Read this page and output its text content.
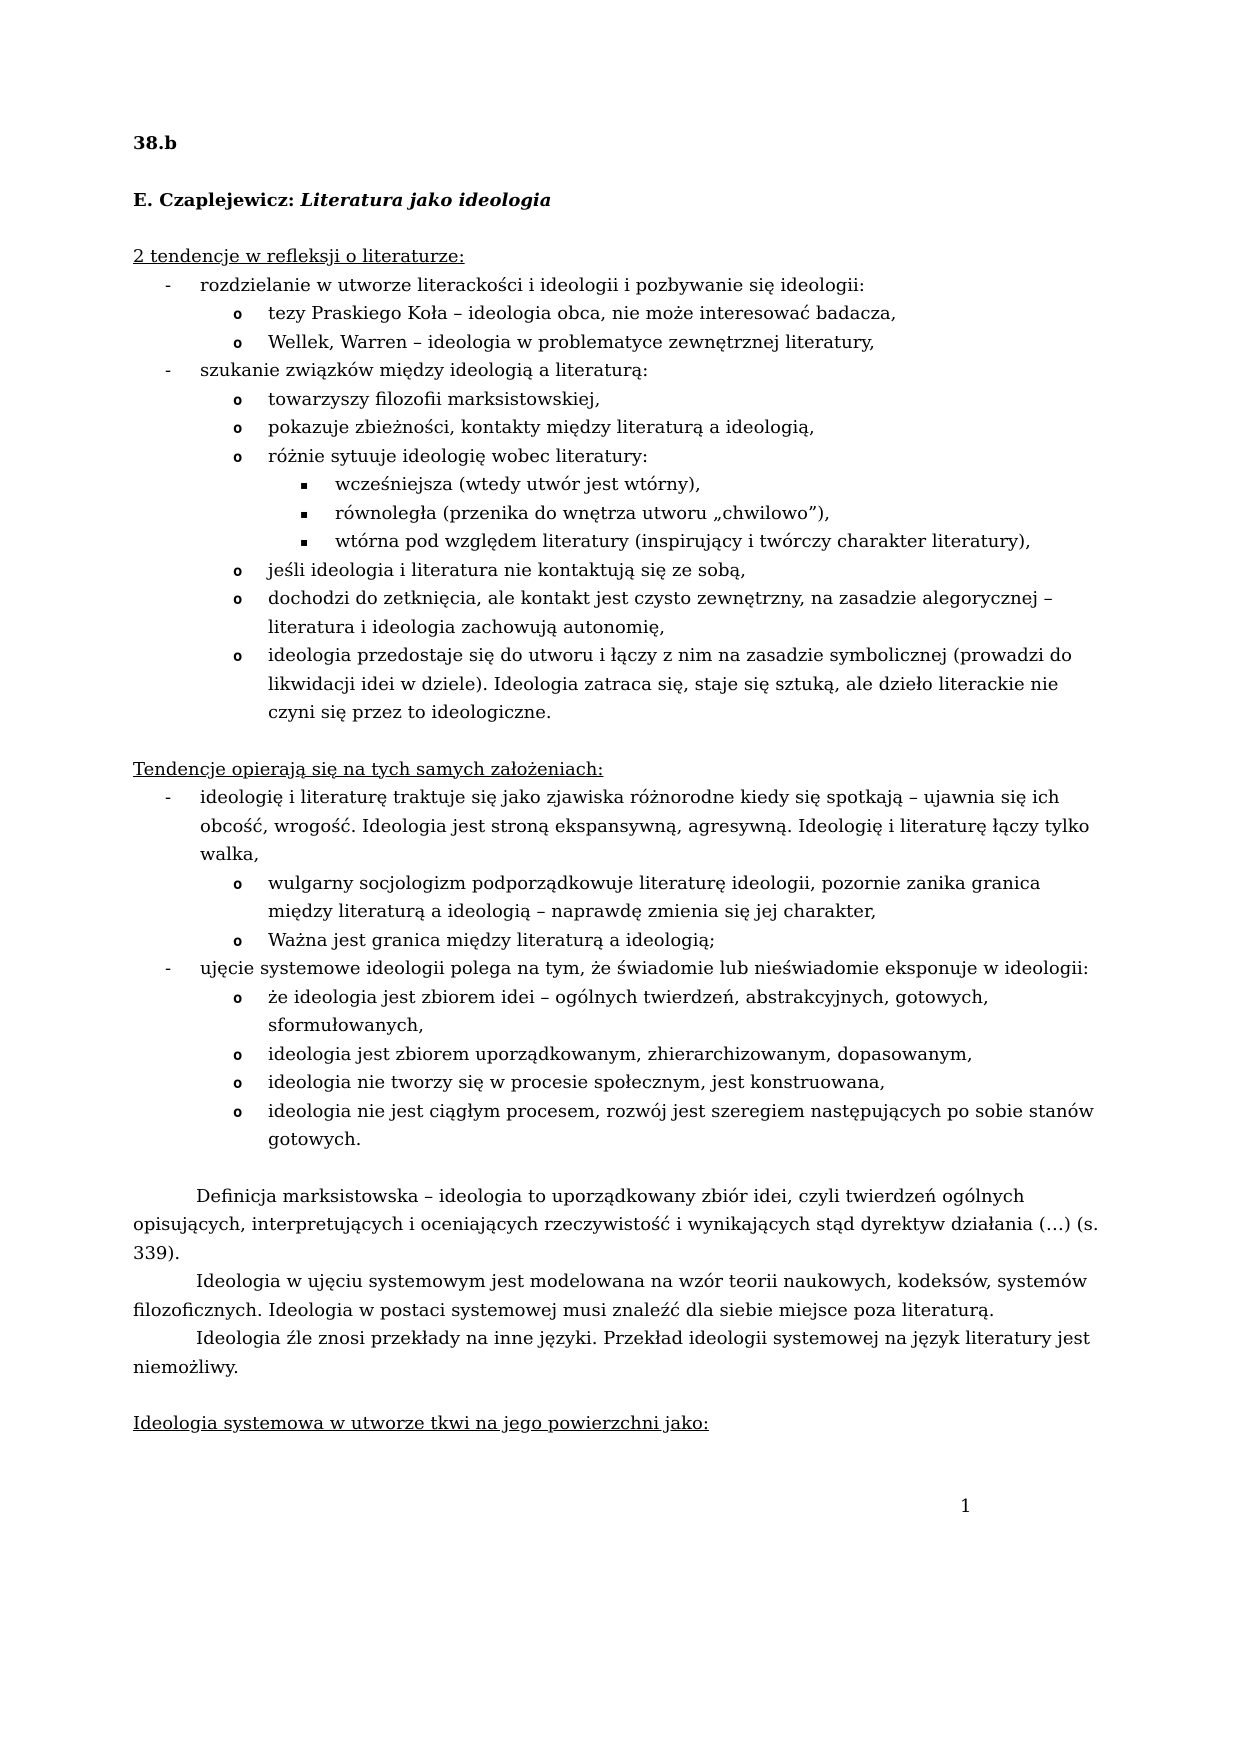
38.b
E. Czaplejewicz: Literatura jako ideologia
2 tendencje w refleksji o literaturze:
-	rozdzielanie w utworze literackości i ideologii i pozbywanie się ideologii:
o	tezy Praskiego Koła – ideologia obca, nie może interesować badacza,
o	Wellek, Warren – ideologia w problematyce zewnętrznej literatury,
-	szukanie związków między ideologią a literaturą:
o	towarzyszy filozofii marksistowskiej,
o	pokazuje zbieżności, kontakty między literaturą a ideologią,
o	różnie sytuuje ideologię wobec literatury:
▪	wcześniejsza (wtedy utwór jest wtórny),
▪	równoległa (przenika do wnętrza utworu „chwilowo”),
▪	wtórna pod względem literatury (inspirujący i twórczy charakter literatury),
o	jeśli ideologia i literatura nie kontaktują się ze sobą,
o	dochodzi do zetknięcia, ale kontakt jest czysto zewnętrzny, na zasadzie alegorycznej – literatura i ideologia zachowują autonomię,
o	ideologia przedostaje się do utworu i łączy z nim na zasadzie symbolicznej (prowadzi do likwidacji idei w dziele). Ideologia zatraca się, staje się sztuką, ale dzieło literackie nie czyni się przez to ideologiczne.
Tendencje opierają się na tych samych założeniach:
-	ideologię i literaturę traktuje się jako zjawiska różnorodne kiedy się spotkają – ujawnia się ich obcość, wrogość. Ideologia jest stroną ekspansywną, agresywną. Ideologię i literaturę łączy tylko walka,
o	wulgarny socjologizm podporządkowuje literaturę ideologii, pozornie zanika granica między literaturą a ideologią – naprawdę zmienia się jej charakter,
o	Ważna jest granica między literaturą a ideologią;
-	ujęcie systemowe ideologii polega na tym, że świadomie lub nieświadomie eksponuje w ideologii:
o	że ideologia jest zbiorem idei – ogólnych twierdzeń, abstrakcyjnych, gotowych, sformułowanych,
o	ideologia jest zbiorem uporządkowanym, zhierarchizowanym, dopasowanym,
o	ideologia nie tworzy się w procesie społecznym, jest konstruowana,
o	ideologia nie jest ciągłym procesem, rozwój jest szeregiem następujących po sobie stanów gotowych.

Definicja marksistowska – ideologia to uporządkowany zbiór idei, czyli twierdzeń ogólnych opisujących, interpretujących i oceniających rzeczywistość i wynikających stąd dyrektyw działania (…) (s. 339).

Ideologia w ujęciu systemowym jest modelowana na wzór teorii naukowych, kodeksów, systemów filozoficznych. Ideologia w postaci systemowej musi znaleźć dla siebie miejsce poza literaturą.

Ideologia źle znosi przekłady na inne języki. Przekład ideologii systemowej na język literatury jest niemożliwy.

Ideologia systemowa w utworze tkwi na jego powierzchni jako:
1
